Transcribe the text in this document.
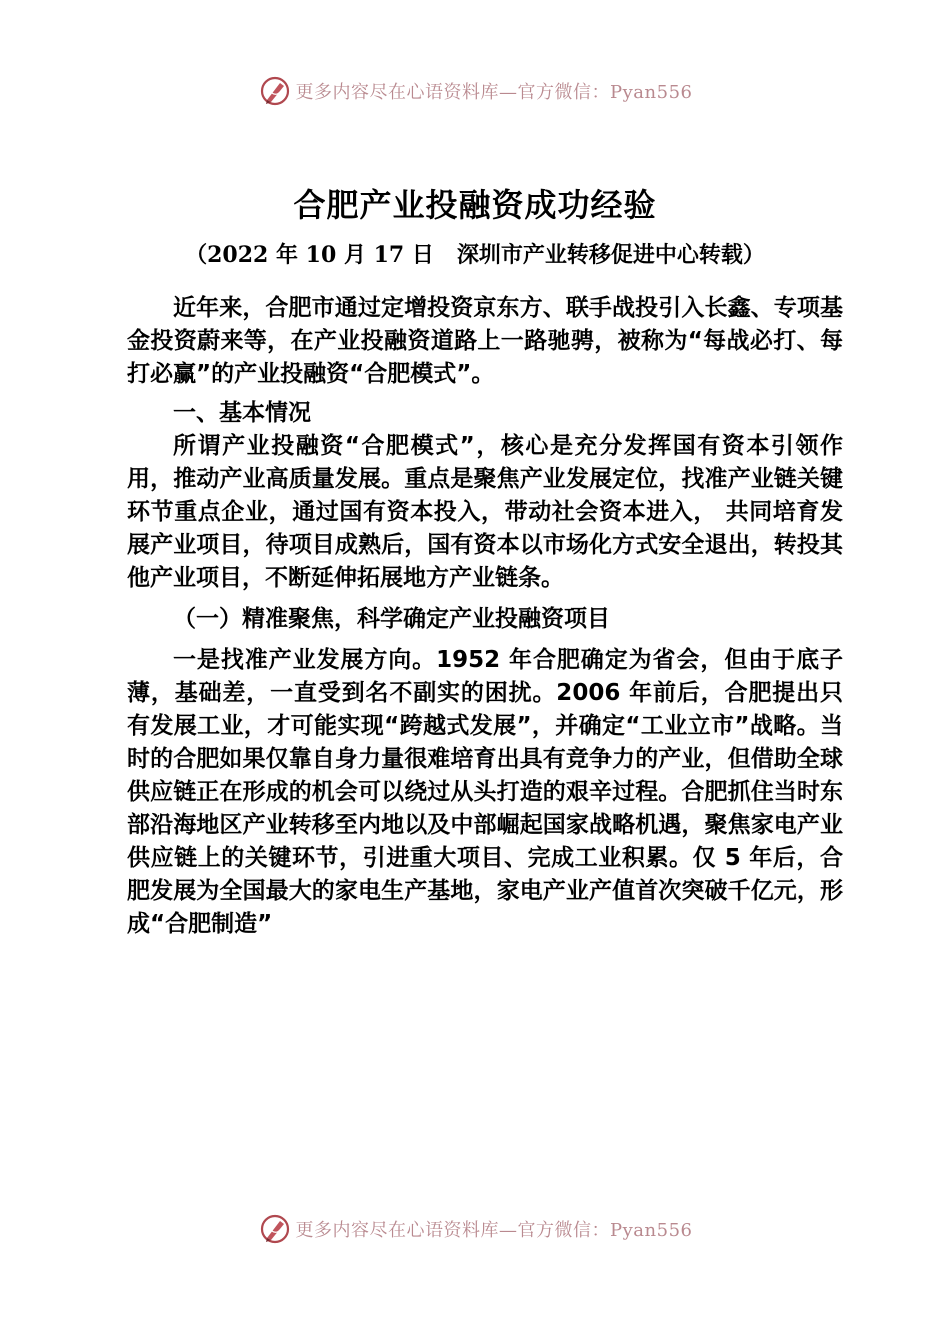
更多内容尽在心语资料库—官方微信：Pyan556
合肥产业投融资成功经验
（2022 年 10 月 17 日   深圳市产业转移促进中心转载）

近年来，合肥市通过定增投资京东方、联手战投引入长鑫、专项基金投资蔚来等，在产业投融资道路上一路驰骋，被称为“每战必打、每打必赢”的产业投融资“合肥模式”。

一、基本情况

所谓产业投融资“合肥模式”，核心是充分发挥国有资本引领作用，推动产业高质量发展。重点是聚焦产业发展定位，找准产业链关键环节重点企业，通过国有资本投入，带动社会资本进入， 共同培育发展产业项目，待项目成熟后，国有资本以市场化方式安全退出，转投其他产业项目，不断延伸拓展地方产业链条。

（一）精准聚焦，科学确定产业投融资项目

一是找准产业发展方向。1952 年合肥确定为省会，但由于底子薄，基础差，一直受到名不副实的困扰。2006 年前后，合肥提出只有发展工业，才可能实现“跨越式发展”，并确定“工业立市”战略。当时的合肥如果仅靠自身力量很难培育出具有竞争力的产业，但借助全球供应链正在形成的机会可以绕过从头打造的艰辛过程。合肥抓住当时东部沿海地区产业转移至内地以及中部崛起国家战略机遇，聚焦家电产业供应链上的关键环节，引进重大项目、完成工业积累。仅 5 年后，合肥发展为全国最大的家电生产基地，家电产业产值首次突破千亿元，形成“合肥制造”

更多内容尽在心语资料库—官方微信：Pyan556
